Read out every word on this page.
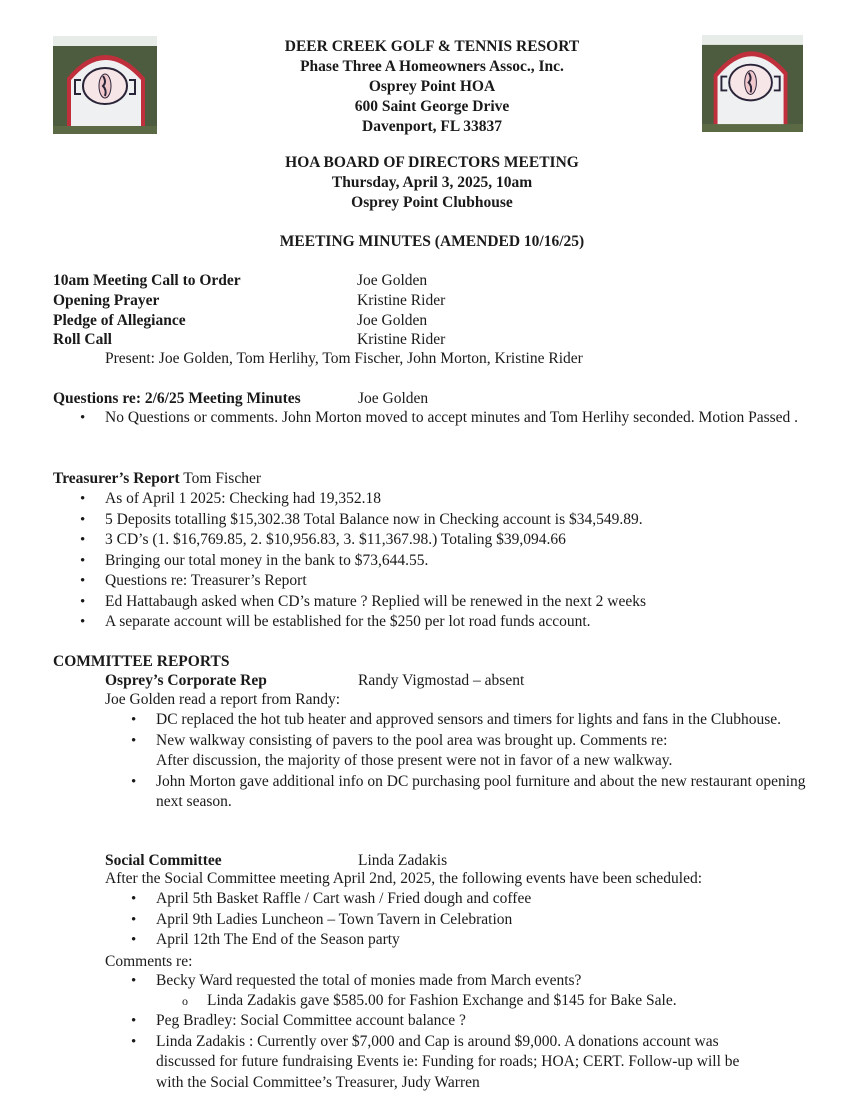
DEER CREEK GOLF & TENNIS RESORT
Phase Three A Homeowners Assoc., Inc.
Osprey Point HOA
600 Saint George Drive
Davenport, FL 33837
HOA BOARD OF DIRECTORS MEETING
Thursday, April 3, 2025, 10am
Osprey Point Clubhouse
MEETING MINUTES (AMENDED 10/16/25)
10am Meeting Call to Order	Joe Golden
Opening Prayer	Kristine Rider
Pledge of Allegiance	Joe Golden
Roll Call	Kristine Rider
Present: Joe Golden, Tom Herlihy, Tom Fischer, John Morton, Kristine Rider
Questions re: 2/6/25 Meeting Minutes	Joe Golden
• No Questions or comments. John Morton moved to accept minutes and Tom Herlihy seconded. Motion Passed .
Treasurer’s Report Tom Fischer
• As of April 1 2025: Checking had 19,352.18
• 5 Deposits totalling $15,302.38 Total Balance now in Checking account is $34,549.89.
• 3 CD’s (1. $16,769.85, 2. $10,956.83, 3. $11,367.98.) Totaling $39,094.66
• Bringing our total money in the bank to $73,644.55.
• Questions re: Treasurer’s Report
• Ed Hattabaugh asked when CD’s mature ? Replied will be renewed in the next 2 weeks
• A separate account will be established for the $250 per lot road funds account.
COMMITTEE REPORTS
Osprey’s Corporate Rep	Randy Vigmostad – absent
Joe Golden read a report from Randy:
• DC replaced the hot tub heater and approved sensors and timers for lights and fans in the Clubhouse.
• New walkway consisting of pavers to the pool area was brought up. Comments re:
After discussion, the majority of those present were not in favor of a new walkway.
• John Morton gave additional info on DC purchasing pool furniture and about the new restaurant opening next season.
Social Committee	Linda Zadakis
After the Social Committee meeting April 2nd, 2025, the following events have been scheduled:
• April 5th Basket Raffle / Cart wash / Fried dough and coffee
• April 9th Ladies Luncheon – Town Tavern in Celebration
• April 12th The End of the Season party
Comments re:
• Becky Ward requested the total of monies made from March events?
o Linda Zadakis gave $585.00 for Fashion Exchange and $145 for Bake Sale.
• Peg Bradley: Social Committee account balance ?
• Linda Zadakis : Currently over $7,000 and Cap is around $9,000. A donations account was
discussed for future fundraising Events ie: Funding for roads; HOA; CERT. Follow-up will be
with the Social Committee’s Treasurer, Judy Warren
